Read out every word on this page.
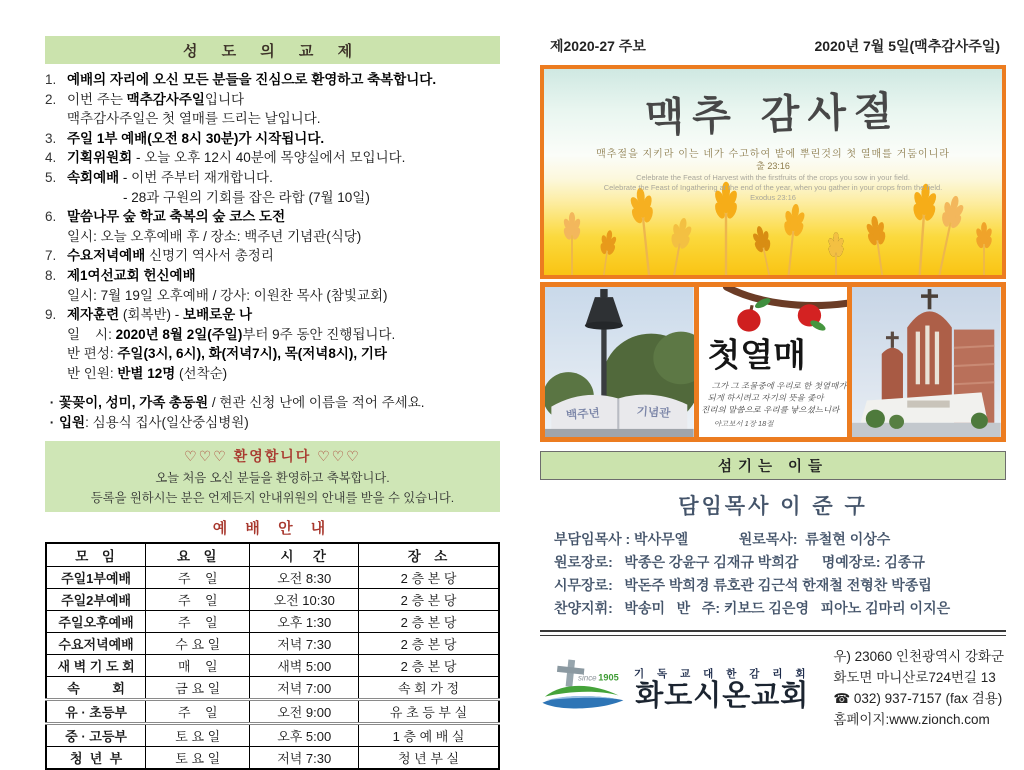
성 도 의 교 제
1. 예배의 자리에 오신 모든 분들을 진심으로 환영하고 축복합니다.
2. 이번 주는 맥추감사주일입니다
맥추감사주일은 첫 열매를 드리는 날입니다.
3. 주일 1부 예배(오전 8시 30분)가 시작됩니다.
4. 기획위원회 - 오늘 오후 12시 40분에 목양실에서 모입니다.
5. 속회예배 - 이번 주부터 재개합니다.
- 28과 구원의 기회를 잡은 라합 (7월 10일)
6. 말씀나무 숲 학교 축복의 숲 코스 도전
일시: 오늘 오후예배 후 / 장소: 백주년 기념관(식당)
7. 수요저녁예배 신명기 역사서 총정리
8. 제1여선교회 헌신예배
일시: 7월 19일 오후예배 / 강사: 이원찬 목사 (참빛교회)
9. 제자훈련 (회복반) - 보배로운 나
일    시: 2020년 8월 2일(주일)부터 9주 동안 진행됩니다.
반 편성: 주일(3시, 6시), 화(저녁7시), 목(저녁8시), 기타
반 인원: 반별 12명 (선착순)
· 꽃꽂이, 성미, 가족 총동원 / 현관 신청 난에 이름을 적어 주세요.
· 입원: 심용식 집사(일산중심병원)
♡♡♡ 환영합니다 ♡♡♡
오늘 처음 오신 분들을 환영하고 축복합니다.
등록을 원하시는 분은 언제든지 안내위원의 안내를 받을 수 있습니다.
예 배 안 내
모  임	요  일	시   간	장  소
주일1부예배	주    일	오전 8:30	2 층 본 당
주일2부예배	주    일	오전 10:30	2 층 본 당
주일오후예배	주    일	오후 1:30	2 층 본 당
수요저녁예배	수 요 일	저녁 7:30	2 층 본 당
새 벽 기 도 회	매    일	새벽 5:00	2 층 본 당
속         회	금 요 일	저녁 7:00	속 회 가 정
유 · 초등부	주    일	오전 9:00	유 초 등 부 실
중 · 고등부	토 요 일	오후 5:00	1 층 예 배 실
청  년  부	토 요 일	저녁 7:30	청 년 부 실
제2020-27 주보	2020년 7월 5일(맥추감사주일)
맥추 감사절
맥추절을 지키라 이는 네가 수고하여 밭에 뿌린것의 첫 열매를 거둠이니라
출 23:16
Celebrate the Feast of Harvest with the firstfruits of the crops you sow in your field.
Celebrate the Feast of Ingathering at the end of the year, when you gather in your crops from the field.
Exodus 23:16
백주년	기념관
첫열매
그가 그 조물중에 우리로 한 첫열매가
되게 하시려고 자기의 뜻을 좇아
진리의 말씀으로 우리를 낳으셨느니라
야고보서 1장 18절
섬기는 이들
담임목사 이 준 구
부담임목사 : 박사무엘             원로목사:  류철현 이상수
원로장로:   박종은 강윤구 김재규 박희감      명예장로: 김종규
시무장로:   박돈주 박희경 류호관 김근석 한재철 전형찬 박종립
찬양지휘:   박송미   반   주: 키보드 김은영   피아노 김마리 이지은
since 1905 기 독 교 대 한 감 리 회
화도시온교회
우) 23060 인천광역시 강화군
화도면 마니산로724번길 13
☎ 032) 937-7157 (fax 겸용)
홈페이지:www.zionch.com
